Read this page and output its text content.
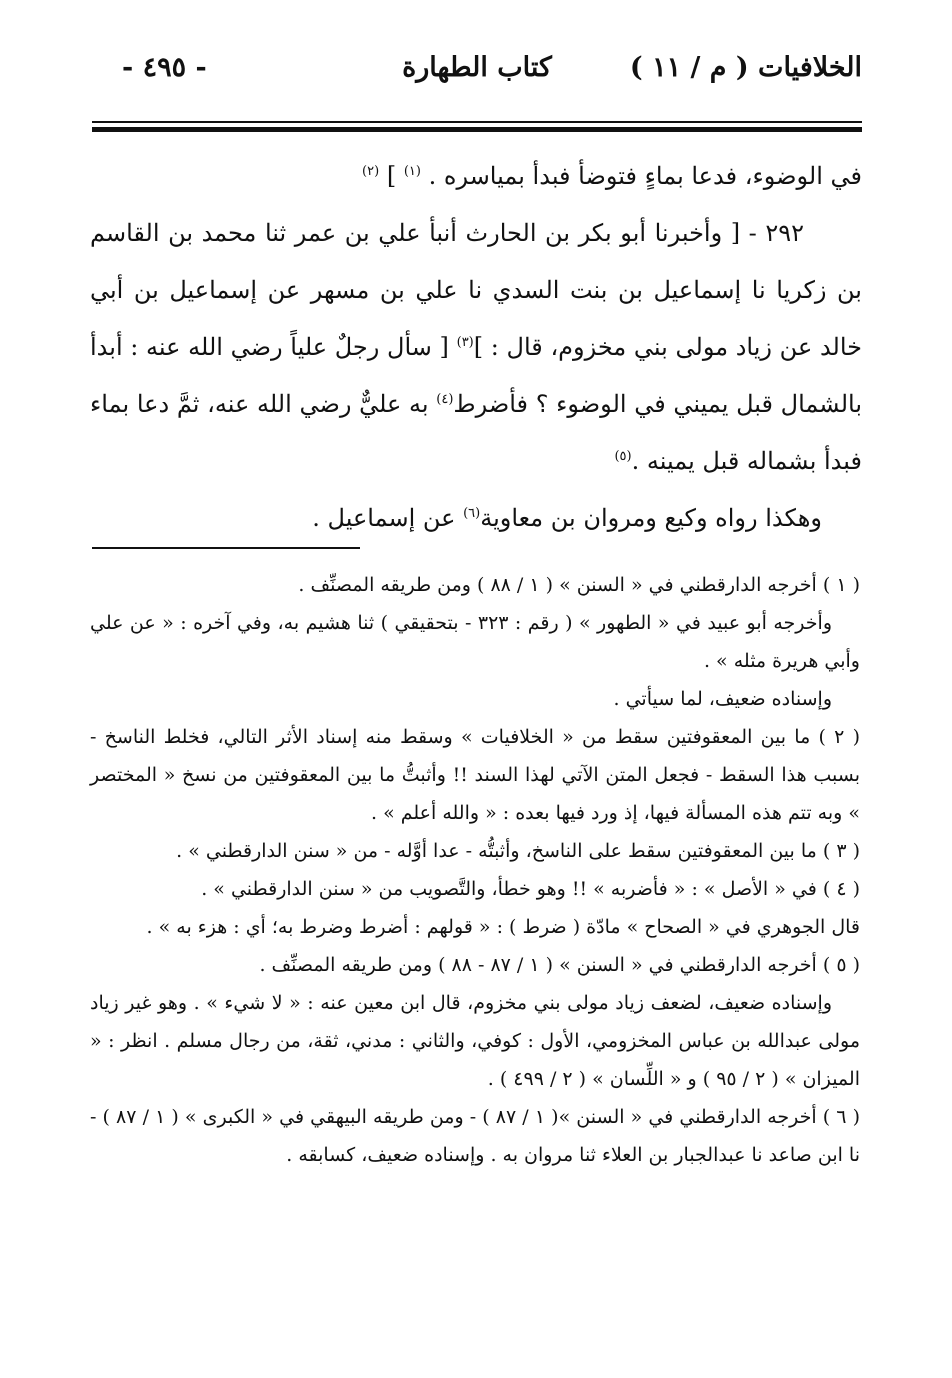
الخلافيات ( م / ١١ )
كتاب الطهارة
- ٤٩٥ -

في الوضوء، فدعا بماءٍ فتوضأ فبدأ بمياسره . $^{(١)}$ ] $^{(٢)}$

٢٩٢ - [ وأخبرنا أبو بكر بن الحارث أنبأ علي بن عمر ثنا محمد بن القاسم بن زكريا نا إسماعيل بن بنت السدي نا علي بن مسهر عن إسماعيل بن أبي خالد عن زياد مولى بني مخزوم، قال : ]$^{(٣)}$ [ سأل رجلٌ علياً رضي الله عنه : أبدأ بالشمال قبل يميني في الوضوء ؟ فأضرط$^{(٤)}$ به عليٌّ رضي الله عنه، ثمَّ دعا بماء فبدأ بشماله قبل يمينه .$^{(٥)}$

وهكذا رواه وكيع ومروان بن معاوية$^{(٦)}$ عن إسماعيل .

( ١ ) أخرجه الدارقطني في « السنن » ( ١ / ٨٨ ) ومن طريقه المصنِّف .

وأخرجه أبو عبيد في « الطهور » ( رقم : ٣٢٣ - بتحقيقي ) ثنا هشيم به، وفي آخره : « عن علي وأبي هريرة مثله » .

وإسناده ضعيف، لما سيأتي .

( ٢ ) ما بين المعقوفتين سقط من « الخلافيات » وسقط منه إسناد الأثر التالي، فخلط الناسخ - بسبب هذا السقط - فجعل المتن الآتي لهذا السند !! وأثبتُّ ما بين المعقوفتين من نسخ « المختصر » وبه تتم هذه المسألة فيها، إذ ورد فيها بعده : « والله أعلم » .

( ٣ ) ما بين المعقوفتين سقط على الناسخ، وأثبتُّه - عدا أوَّله - من « سنن الدارقطني » .

( ٤ ) في « الأصل » : « فأضربه » !! وهو خطأ، والتَّصويب من « سنن الدارقطني » .

قال الجوهري في « الصحاح » مادّة ( ضرط ) : « قولهم : أضرط وضرط به؛ أي : هزء به » .

( ٥ ) أخرجه الدارقطني في « السنن » ( ١ / ٨٧ - ٨٨ ) ومن طريقه المصنِّف .

وإسناده ضعيف، لضعف زياد مولى بني مخزوم، قال ابن معين عنه : « لا شيء » . وهو غير زياد مولى عبدالله بن عباس المخزومي، الأول : كوفي، والثاني : مدني، ثقة، من رجال مسلم . انظر : « الميزان » ( ٢ / ٩٥ ) و « اللِّسان » ( ٢ / ٤٩٩ ) .

( ٦ ) أخرجه الدارقطني في « السنن »( ١ / ٨٧ ) - ومن طريقه البيهقي في « الكبرى » ( ١ / ٨٧ ) - نا ابن صاعد نا عبدالجبار بن العلاء ثنا مروان به . وإسناده ضعيف، كسابقه .
